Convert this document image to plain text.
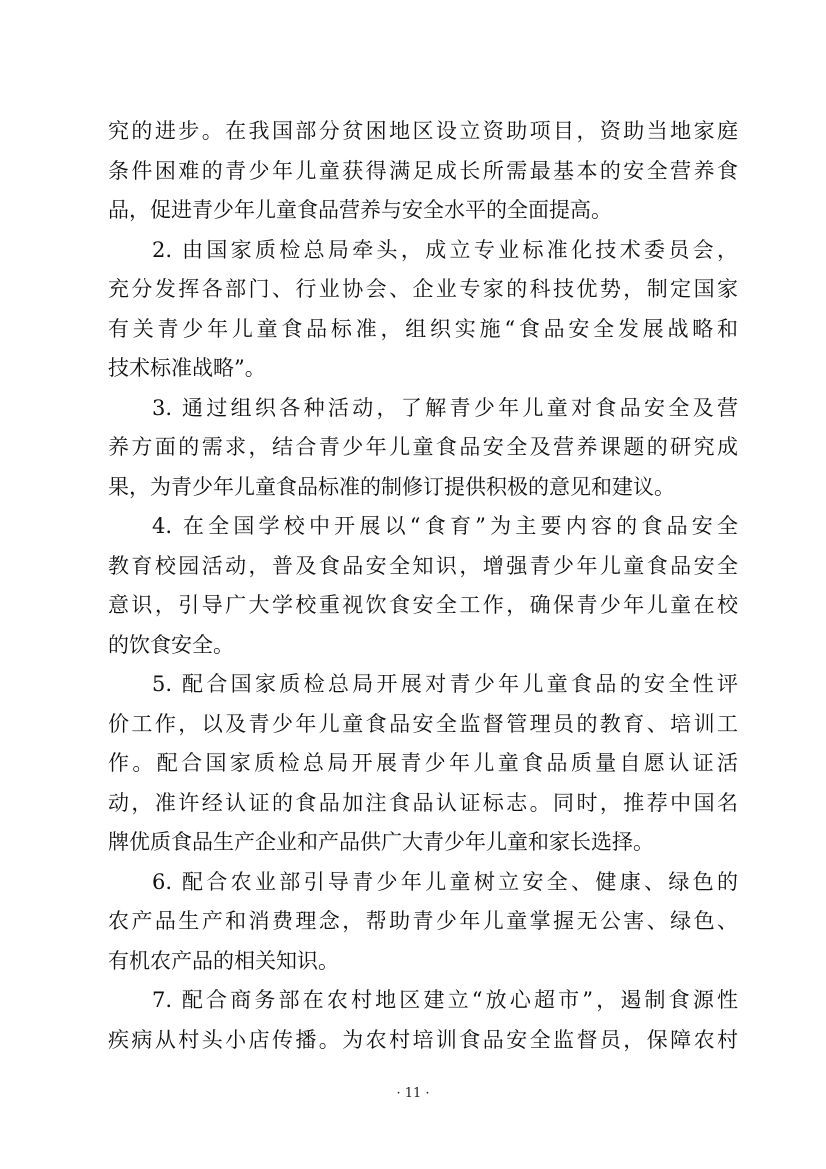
究的进步。在我国部分贫困地区设立资助项目，资助当地家庭
条件困难的青少年儿童获得满足成长所需最基本的安全营养食
品，促进青少年儿童食品营养与安全水平的全面提高。
2. 由国家质检总局牵头，成立专业标准化技术委员会，
充分发挥各部门、行业协会、企业专家的科技优势，制定国家
有关青少年儿童食品标准，组织实施“食品安全发展战略和
技术标准战略”。
3. 通过组织各种活动，了解青少年儿童对食品安全及营
养方面的需求，结合青少年儿童食品安全及营养课题的研究成
果，为青少年儿童食品标准的制修订提供积极的意见和建议。
4. 在全国学校中开展以“食育”为主要内容的食品安全
教育校园活动，普及食品安全知识，增强青少年儿童食品安全
意识，引导广大学校重视饮食安全工作，确保青少年儿童在校
的饮食安全。
5. 配合国家质检总局开展对青少年儿童食品的安全性评
价工作，以及青少年儿童食品安全监督管理员的教育、培训工
作。配合国家质检总局开展青少年儿童食品质量自愿认证活
动，准许经认证的食品加注食品认证标志。同时，推荐中国名
牌优质食品生产企业和产品供广大青少年儿童和家长选择。
6. 配合农业部引导青少年儿童树立安全、健康、绿色的
农产品生产和消费理念，帮助青少年儿童掌握无公害、绿色、
有机农产品的相关知识。
7. 配合商务部在农村地区建立“放心超市”，遏制食源性
疾病从村头小店传播。为农村培训食品安全监督员，保障农村
· 11 ·
